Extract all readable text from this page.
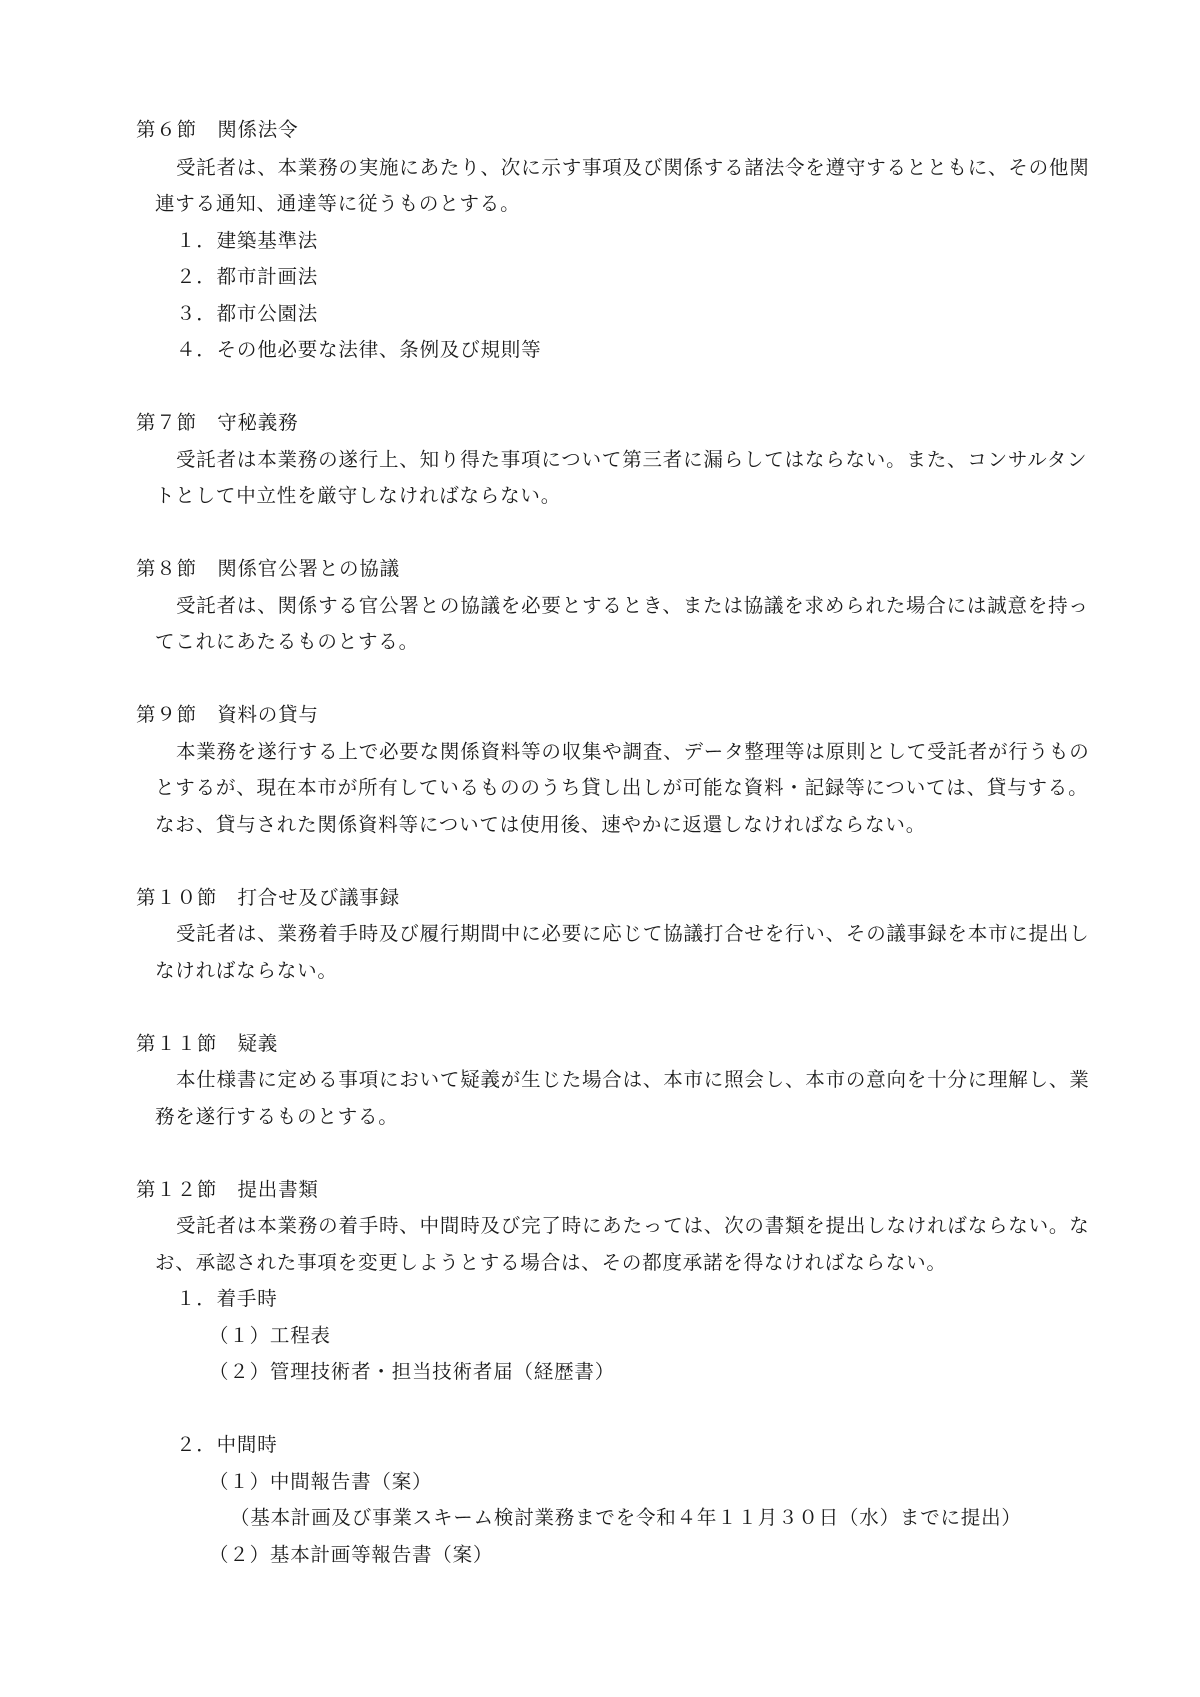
第６節　関係法令
受託者は、本業務の実施にあたり、次に示す事項及び関係する諸法令を遵守するとともに、その他関
連する通知、通達等に従うものとする。
１．建築基準法
２．都市計画法
３．都市公園法
４．その他必要な法律、条例及び規則等
第７節　守秘義務
受託者は本業務の遂行上、知り得た事項について第三者に漏らしてはならない。また、コンサルタン
トとして中立性を厳守しなければならない。
第８節　関係官公署との協議
受託者は、関係する官公署との協議を必要とするとき、または協議を求められた場合には誠意を持っ
てこれにあたるものとする。
第９節　資料の貸与
本業務を遂行する上で必要な関係資料等の収集や調査、データ整理等は原則として受託者が行うもの
とするが、現在本市が所有しているもののうち貸し出しが可能な資料・記録等については、貸与する。
なお、貸与された関係資料等については使用後、速やかに返還しなければならない。
第１０節　打合せ及び議事録
受託者は、業務着手時及び履行期間中に必要に応じて協議打合せを行い、その議事録を本市に提出し
なければならない。
第１１節　疑義
本仕様書に定める事項において疑義が生じた場合は、本市に照会し、本市の意向を十分に理解し、業
務を遂行するものとする。
第１２節　提出書類
受託者は本業務の着手時、中間時及び完了時にあたっては、次の書類を提出しなければならない。な
お、承認された事項を変更しようとする場合は、その都度承諾を得なければならない。
１．着手時
（１）工程表
（２）管理技術者・担当技術者届（経歴書）
２．中間時
（１）中間報告書（案）
（基本計画及び事業スキーム検討業務までを令和４年１１月３０日（水）までに提出）
（２）基本計画等報告書（案）
